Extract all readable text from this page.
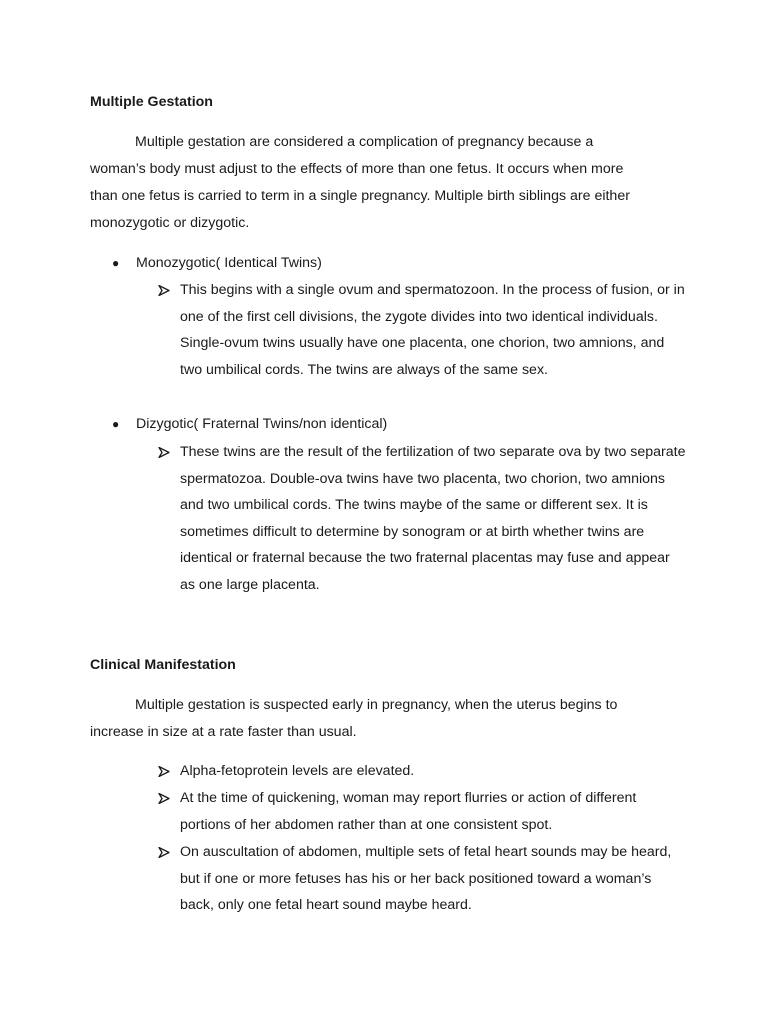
Multiple Gestation

Multiple gestation are considered a complication of pregnancy because a woman’s body must adjust to the effects of more than one fetus. It occurs when more than one fetus is carried to term in a single pregnancy. Multiple birth siblings are either monozygotic or dizygotic.

● Monozygotic( Identical Twins)
This begins with a single ovum and spermatozoon. In the process of fusion, or in one of the first cell divisions, the zygote divides into two identical individuals. Single-ovum twins usually have one placenta, one chorion, two amnions, and two umbilical cords. The twins are always of the same sex.
● Dizygotic( Fraternal Twins/non identical)
These twins are the result of the fertilization of two separate ova by two separate spermatozoa. Double-ova twins have two placenta, two chorion, two amnions and two umbilical cords. The twins maybe of the same or different sex. It is sometimes difficult to determine by sonogram or at birth whether twins are identical or fraternal because the two fraternal placentas may fuse and appear as one large placenta.
Clinical Manifestation

Multiple gestation is suspected early in pregnancy, when the uterus begins to increase in size at a rate faster than usual.

Alpha-fetoprotein levels are elevated.
At the time of quickening, woman may report flurries or action of different portions of her abdomen rather than at one consistent spot.
On auscultation of abdomen, multiple sets of fetal heart sounds may be heard, but if one or more fetuses has his or her back positioned toward a woman’s back, only one fetal heart sound maybe heard.
